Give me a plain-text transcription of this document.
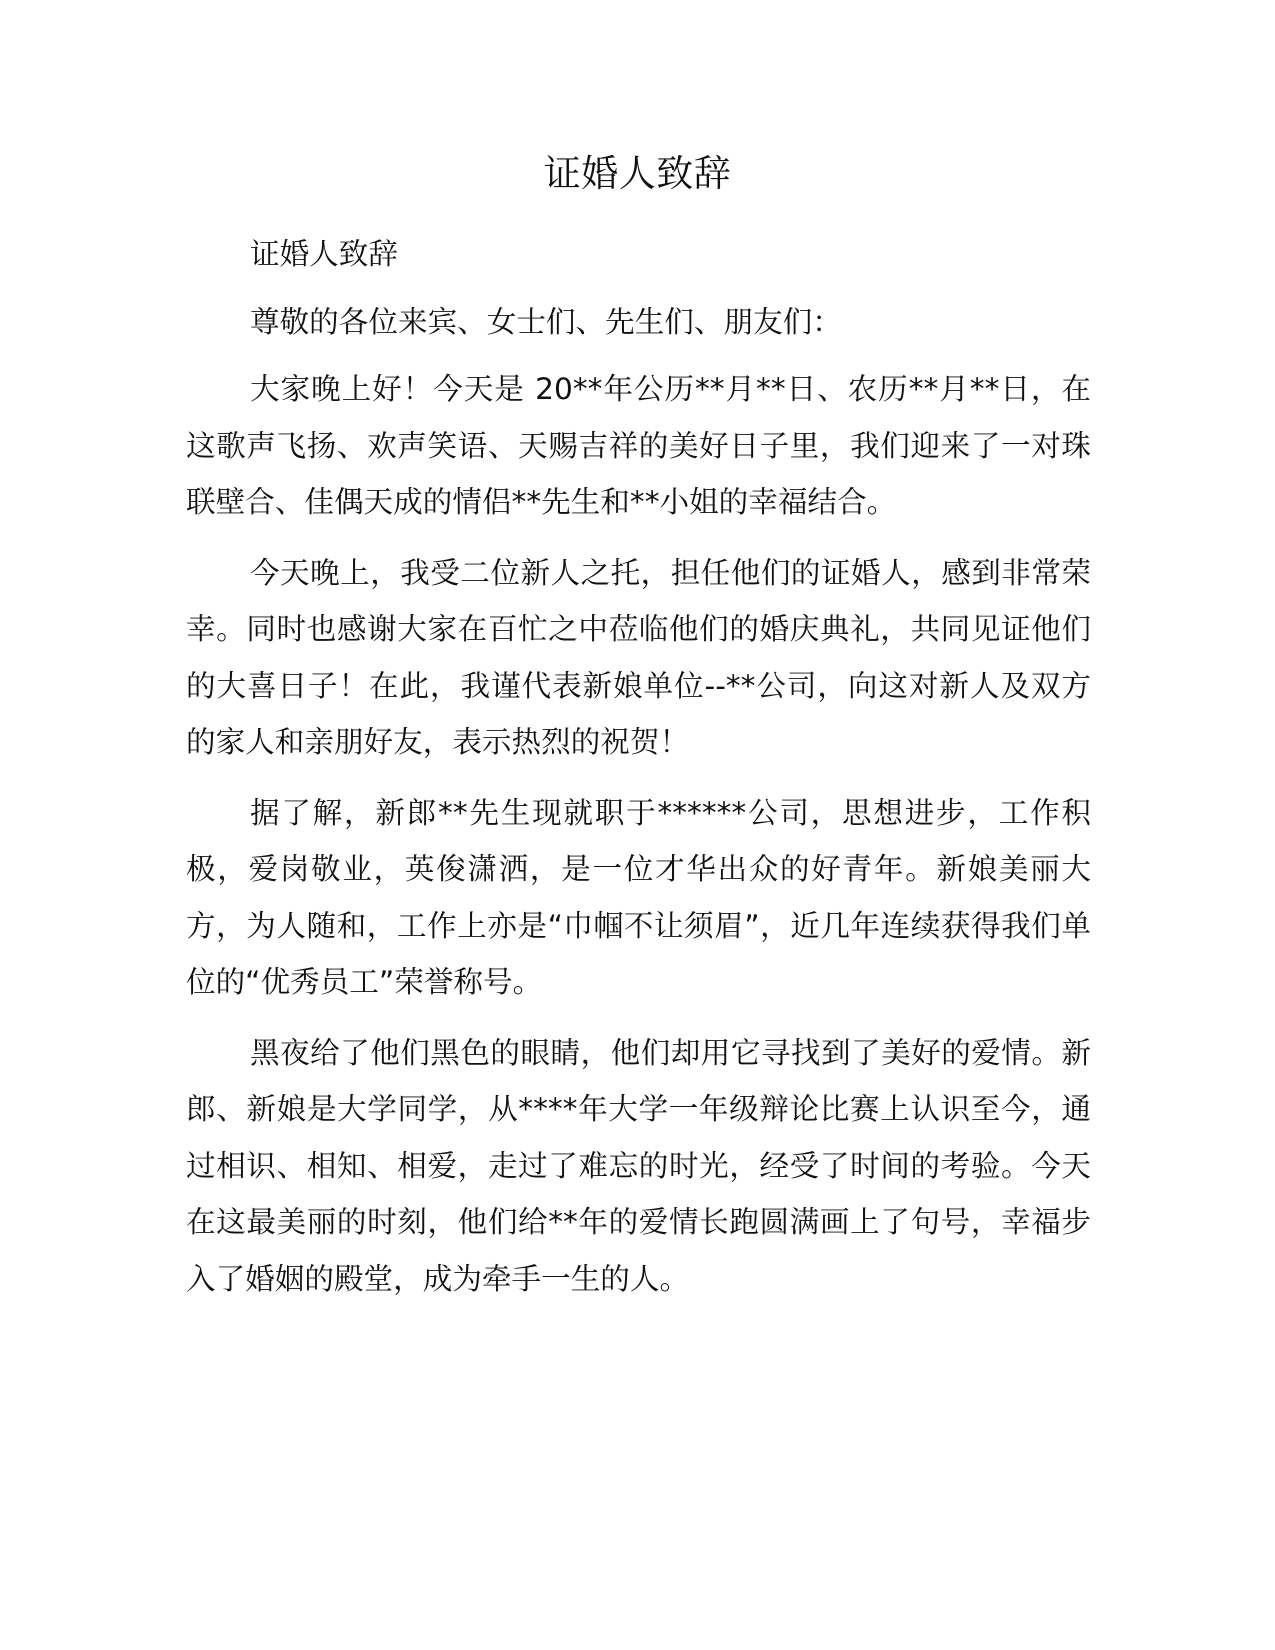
证婚人致辞

证婚人致辞

尊敬的各位来宾、女士们、先生们、朋友们：

大家晚上好！今天是 20**年公历**月**日、农历**月**日，在这歌声飞扬、欢声笑语、天赐吉祥的美好日子里，我们迎来了一对珠联壁合、佳偶天成的情侣**先生和**小姐的幸福结合。

今天晚上，我受二位新人之托，担任他们的证婚人，感到非常荣幸。同时也感谢大家在百忙之中莅临他们的婚庆典礼，共同见证他们的大喜日子！在此，我谨代表新娘单位--**公司，向这对新人及双方的家人和亲朋好友，表示热烈的祝贺！

据了解，新郎**先生现就职于******公司，思想进步，工作积极，爱岗敬业，英俊潇洒，是一位才华出众的好青年。新娘美丽大方，为人随和，工作上亦是“巾帼不让须眉”，近几年连续获得我们单位的“优秀员工”荣誉称号。

黑夜给了他们黑色的眼睛，他们却用它寻找到了美好的爱情。新郎、新娘是大学同学，从****年大学一年级辩论比赛上认识至今，通过相识、相知、相爱，走过了难忘的时光，经受了时间的考验。今天在这最美丽的时刻，他们给**年的爱情长跑圆满画上了句号，幸福步入了婚姻的殿堂，成为牵手一生的人。
